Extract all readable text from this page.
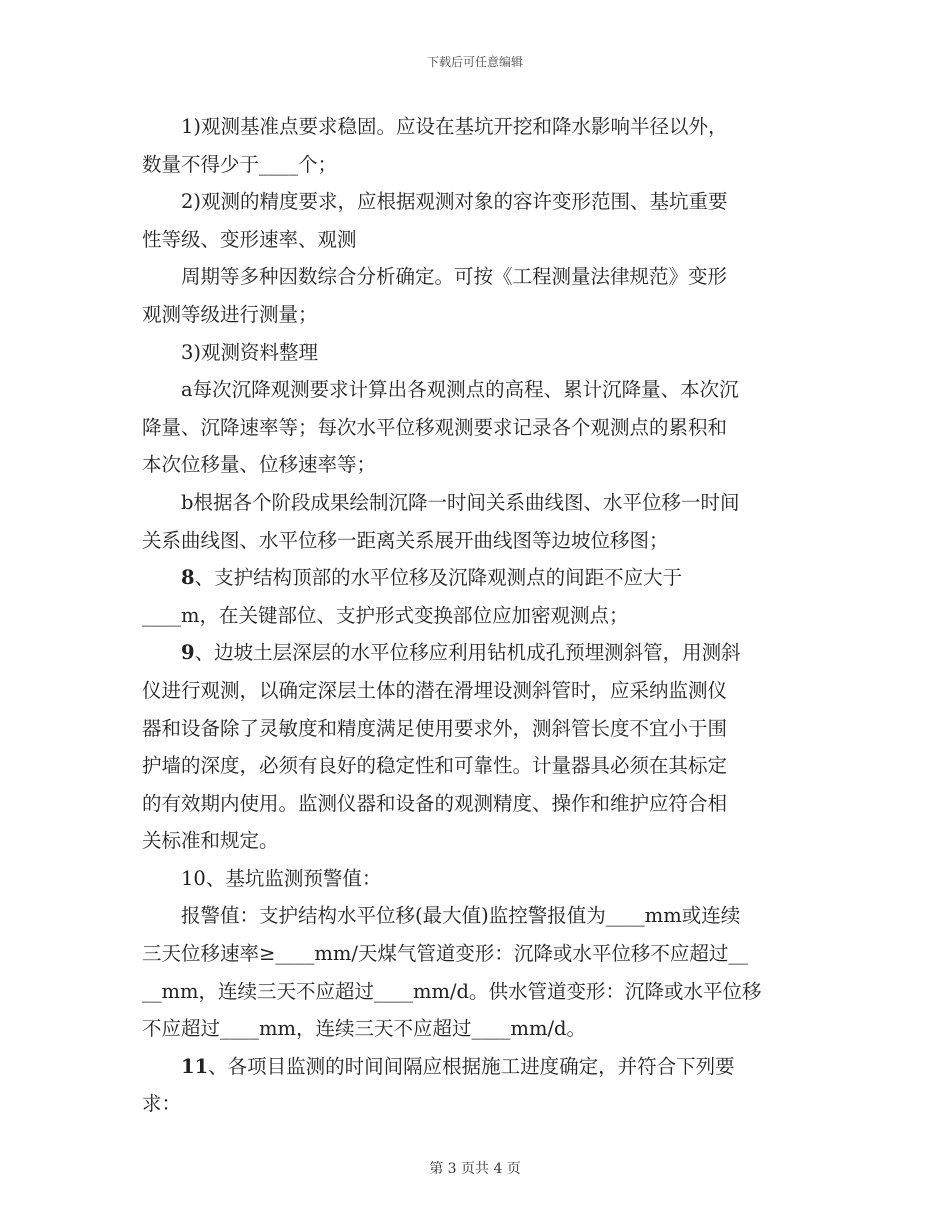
下载后可任意编辑

1)观测基准点要求稳固。应设在基坑开挖和降水影响半径以外，

数量不得少于____个；

2)观测的精度要求，应根据观测对象的容许变形范围、基坑重要

性等级、变形速率、观测

周期等多种因数综合分析确定。可按《工程测量法律规范》变形

观测等级进行测量；

3)观测资料整理

a每次沉降观测要求计算出各观测点的高程、累计沉降量、本次沉

降量、沉降速率等；每次水平位移观测要求记录各个观测点的累积和

本次位移量、位移速率等；

b根据各个阶段成果绘制沉降一时间关系曲线图、水平位移一时间

关系曲线图、水平位移一距离关系展开曲线图等边坡位移图；

8、支护结构顶部的水平位移及沉降观测点的间距不应大于

____m，在关键部位、支护形式变换部位应加密观测点；

9、边坡土层深层的水平位移应利用钻机成孔预埋测斜管，用测斜

仪进行观测，以确定深层土体的潜在滑埋设测斜管时，应采纳监测仪

器和设备除了灵敏度和精度满足使用要求外，测斜管长度不宜小于围

护墙的深度，必须有良好的稳定性和可靠性。计量器具必须在其标定

的有效期内使用。监测仪器和设备的观测精度、操作和维护应符合相

关标准和规定。

10、基坑监测预警值：

报警值：支护结构水平位移(最大值)监控警报值为____mm或连续

三天位移速率≥____mm/天煤气管道变形：沉降或水平位移不应超过__

__mm，连续三天不应超过____mm/d。供水管道变形：沉降或水平位移

不应超过____mm，连续三天不应超过____mm/d。

11、各项目监测的时间间隔应根据施工进度确定，并符合下列要

求：

第 3 页共 4 页
